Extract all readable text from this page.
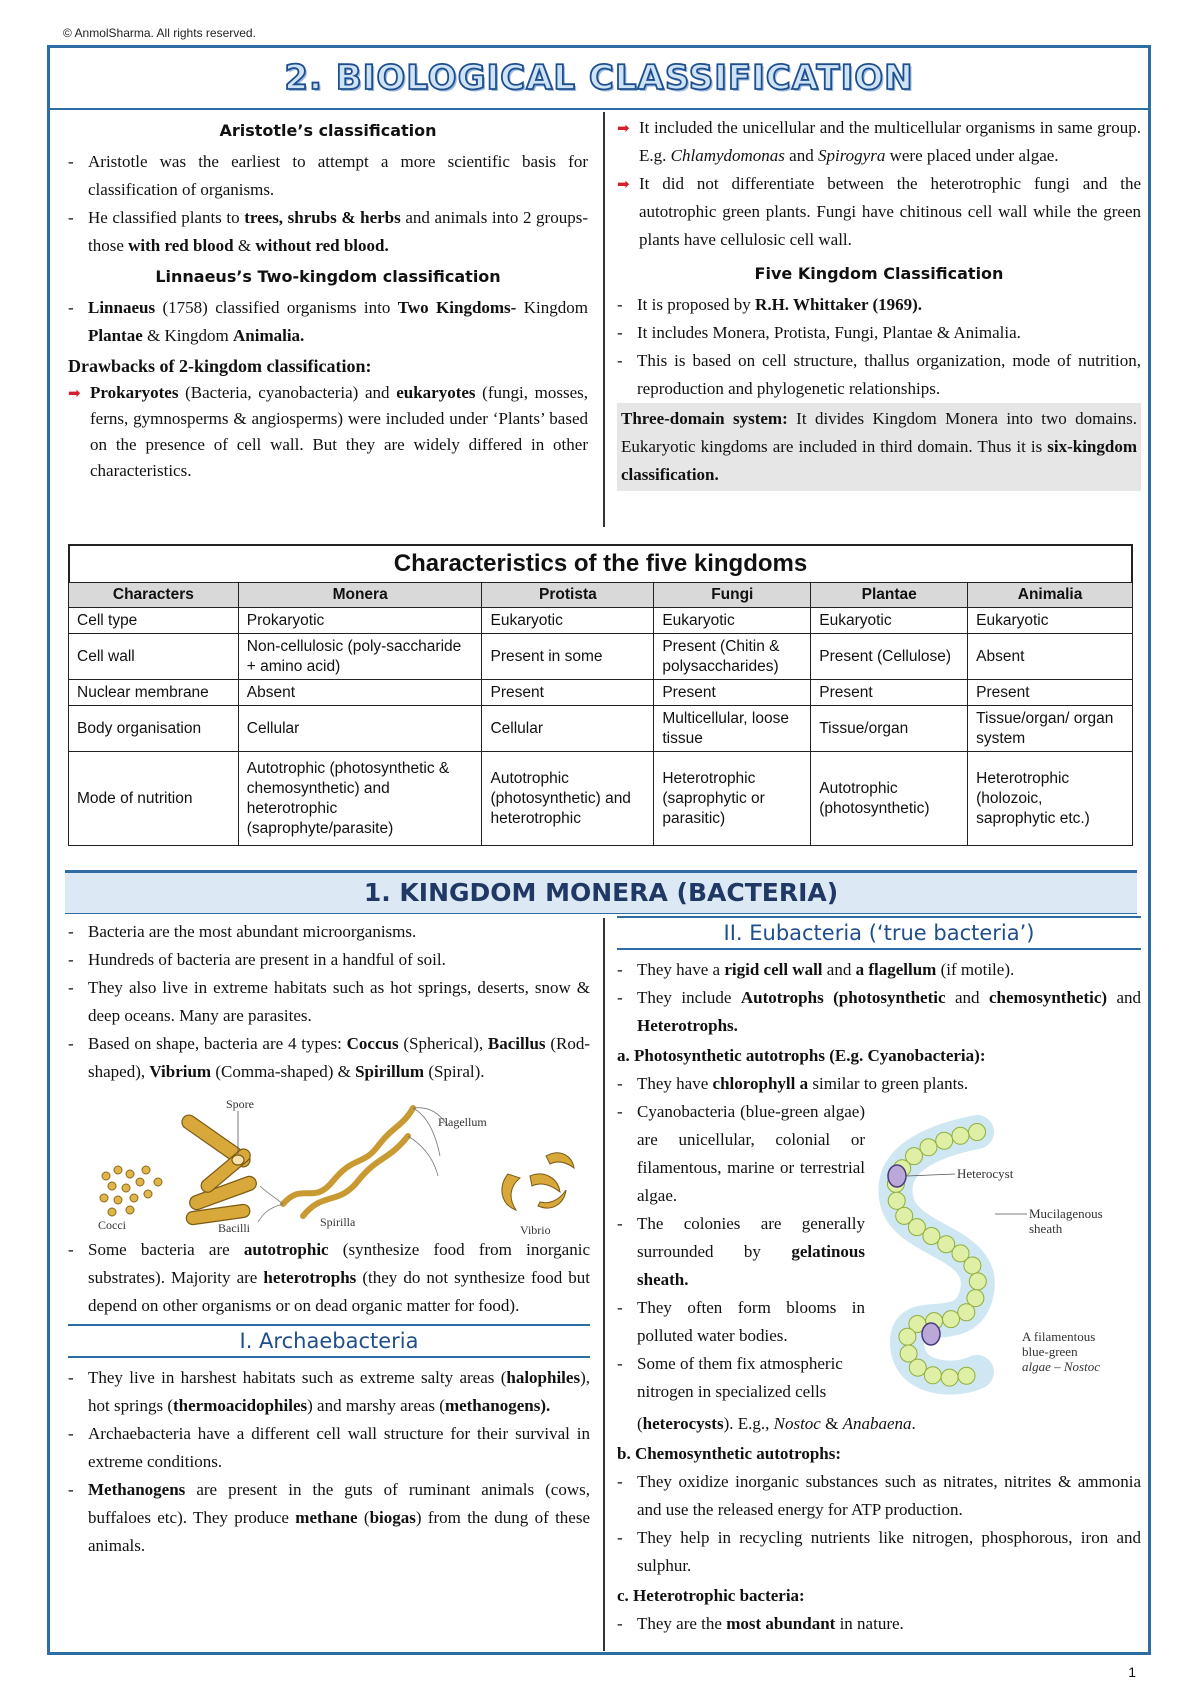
© AnmolSharma. All rights reserved.
2. BIOLOGICAL CLASSIFICATION
Aristotle’s classification
- Aristotle was the earliest to attempt a more scientific basis for classification of organisms.
- He classified plants to trees, shrubs & herbs and animals into 2 groups- those with red blood & without red blood.
Linnaeus’s Two-kingdom classification
- Linnaeus (1758) classified organisms into Two Kingdoms- Kingdom Plantae & Kingdom Animalia.
Drawbacks of 2-kingdom classification:
➡ Prokaryotes (Bacteria, cyanobacteria) and eukaryotes (fungi, mosses, ferns, gymnosperms & angiosperms) were included under ‘Plants’ based on the presence of cell wall. But they are widely differed in other characteristics.
➡ It included the unicellular and the multicellular organisms in same group. E.g. Chlamydomonas and Spirogyra were placed under algae.
➡ It did not differentiate between the heterotrophic fungi and the autotrophic green plants. Fungi have chitinous cell wall while the green plants have cellulosic cell wall.
Five Kingdom Classification
- It is proposed by R.H. Whittaker (1969).
- It includes Monera, Protista, Fungi, Plantae & Animalia.
- This is based on cell structure, thallus organization, mode of nutrition, reproduction and phylogenetic relationships.
Three-domain system: It divides Kingdom Monera into two domains. Eukaryotic kingdoms are included in third domain. Thus it is six-kingdom classification.
Characteristics of the five kingdoms
Characters	Monera	Protista	Fungi	Plantae	Animalia
Cell type	Prokaryotic	Eukaryotic	Eukaryotic	Eukaryotic	Eukaryotic
Cell wall	Non-cellulosic (poly-saccharide + amino acid)	Present in some	Present (Chitin & polysaccharides)	Present (Cellulose)	Absent
Nuclear membrane	Absent	Present	Present	Present	Present
Body organisation	Cellular	Cellular	Multicellular, loose tissue	Tissue/organ	Tissue/organ/ organ system
Mode of nutrition	Autotrophic (photosynthetic & chemosynthetic) and heterotrophic (saprophyte/parasite)	Autotrophic (photosynthetic) and heterotrophic	Heterotrophic (saprophytic or parasitic)	Autotrophic (photosynthetic)	Heterotrophic (holozoic, saprophytic etc.)
1. KINGDOM MONERA (BACTERIA)
- Bacteria are the most abundant microorganisms.
- Hundreds of bacteria are present in a handful of soil.
- They also live in extreme habitats such as hot springs, deserts, snow & deep oceans. Many are parasites.
- Based on shape, bacteria are 4 types: Coccus (Spherical), Bacillus (Rod-shaped), Vibrium (Comma-shaped) & Spirillum (Spiral).
Spore
Flagellum
Cocci	Bacilli	Spirilla
Vibrio
- Some bacteria are autotrophic (synthesize food from inorganic substrates). Majority are heterotrophs (they do not synthesize food but depend on other organisms or on dead organic matter for food).
I. Archaebacteria
- They live in harshest habitats such as extreme salty areas (halophiles), hot springs (thermoacidophiles) and marshy areas (methanogens).
- Archaebacteria have a different cell wall structure for their survival in extreme conditions.
- Methanogens are present in the guts of ruminant animals (cows, buffaloes etc). They produce methane (biogas) from the dung of these animals.
II. Eubacteria (‘true bacteria’)
- They have a rigid cell wall and a flagellum (if motile).
- They include Autotrophs (photosynthetic and chemosynthetic) and Heterotrophs.
a. Photosynthetic autotrophs (E.g. Cyanobacteria):
- They have chlorophyll a similar to green plants.
- Cyanobacteria (blue-green algae) are unicellular, colonial or filamentous, marine or terrestrial algae.
- The colonies are generally surrounded by gelatinous sheath.
- They often form blooms in polluted water bodies.
- Some of them fix atmospheric nitrogen in specialized cells
Heterocyst
Mucilagenous
sheath
A filamentous
blue-green
algae – Nostoc
(heterocysts). E.g., Nostoc & Anabaena.
b. Chemosynthetic autotrophs:
- They oxidize inorganic substances such as nitrates, nitrites & ammonia and use the released energy for ATP production.
- They help in recycling nutrients like nitrogen, phosphorous, iron and sulphur.
c. Heterotrophic bacteria:
- They are the most abundant in nature.
1
